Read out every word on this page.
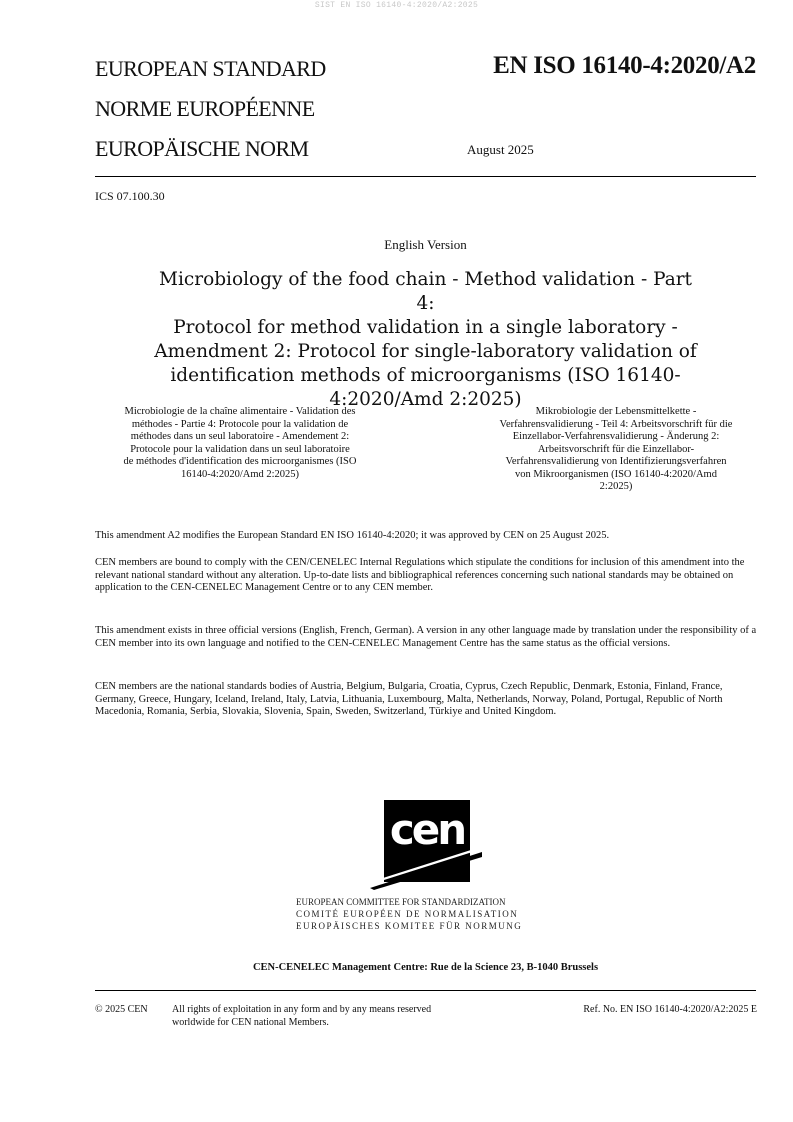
SIST EN ISO 16140-4:2020/A2:2025
EUROPEAN STANDARD
NORME EUROPÉENNE
EUROPÄISCHE NORM
EN ISO 16140-4:2020/A2
August 2025
ICS 07.100.30
English Version
Microbiology of the food chain - Method validation - Part 4:
Protocol for method validation in a single laboratory -
Amendment 2: Protocol for single-laboratory validation of
identification methods of microorganisms (ISO 16140-
4:2020/Amd 2:2025)
Microbiologie de la chaîne alimentaire - Validation des
méthodes - Partie 4: Protocole pour la validation de
méthodes dans un seul laboratoire - Amendement 2:
Protocole pour la validation dans un seul laboratoire
de méthodes d'identification des microorganismes (ISO
16140-4:2020/Amd 2:2025)
Mikrobiologie der Lebensmittelkette -
Verfahrensvalidierung - Teil 4: Arbeitsvorschrift für die
Einzellabor-Verfahrensvalidierung - Änderung 2:
Arbeitsvorschrift für die Einzellabor-
Verfahrensvalidierung von Identifizierungsverfahren
von Mikroorganismen (ISO 16140-4:2020/Amd
2:2025)
This amendment A2 modifies the European Standard EN ISO 16140-4:2020; it was approved by CEN on 25 August 2025.
CEN members are bound to comply with the CEN/CENELEC Internal Regulations which stipulate the conditions for inclusion of this amendment into the relevant national standard without any alteration. Up-to-date lists and bibliographical references concerning such national standards may be obtained on application to the CEN-CENELEC Management Centre or to any CEN member.
This amendment exists in three official versions (English, French, German). A version in any other language made by translation under the responsibility of a CEN member into its own language and notified to the CEN-CENELEC Management Centre has the same status as the official versions.
CEN members are the national standards bodies of Austria, Belgium, Bulgaria, Croatia, Cyprus, Czech Republic, Denmark, Estonia, Finland, France, Germany, Greece, Hungary, Iceland, Ireland, Italy, Latvia, Lithuania, Luxembourg, Malta, Netherlands, Norway, Poland, Portugal, Republic of North Macedonia, Romania, Serbia, Slovakia, Slovenia, Spain, Sweden, Switzerland, Türkiye and United Kingdom.
cen
EUROPEAN COMMITTEE FOR STANDARDIZATION
COMITÉ EUROPÉEN DE NORMALISATION
EUROPÄISCHES KOMITEE FÜR NORMUNG
CEN-CENELEC Management Centre: Rue de la Science 23, B-1040 Brussels
© 2025 CEN All rights of exploitation in any form and by any means reserved
worldwide for CEN national Members.
Ref. No. EN ISO 16140-4:2020/A2:2025 E
